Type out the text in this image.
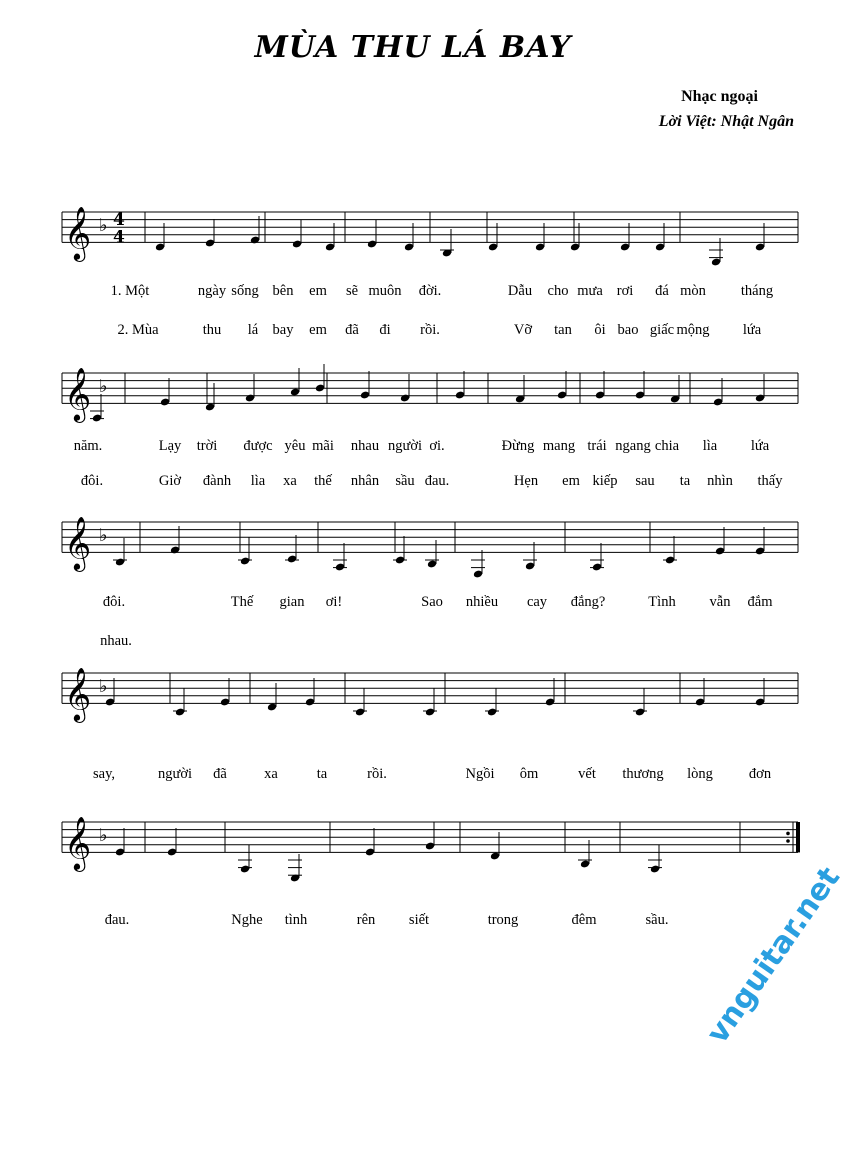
MÙA THU LÁ BAY
Nhạc ngoại
Lời Việt: Nhật Ngân
𝄞 ♭ 4
4
𝄞 ♭
𝄞 ♭
𝄞 ♭
𝄞 ♭
vnguitar.net
1. Một	ngày sống bên em sẽ muôn đời.	Dẫu cho mưa rơi đá mòn tháng
2. Mùa	thu lá bay em đã đi rồi.	Vỡ tan ôi bao giấc mộng lứa
năm.	Lạy trời được yêu mãi nhau người ơi.	Đừng mang trái ngang chia lìa lứa
đôi.	Giờ đành lìa xa thế nhân sầu đau.	Hẹn em kiếp sau ta nhìn thấy
đôi.	Thế gian ơi!	Sao nhiều cay đắng?	Tình vẫn đắm
nhau.
say,	người đã	xa	ta	rồi.	Ngồi ôm	vết thương lòng đơn
đau.	Nghe tình	rên siết	trong	đêm	sầu.
